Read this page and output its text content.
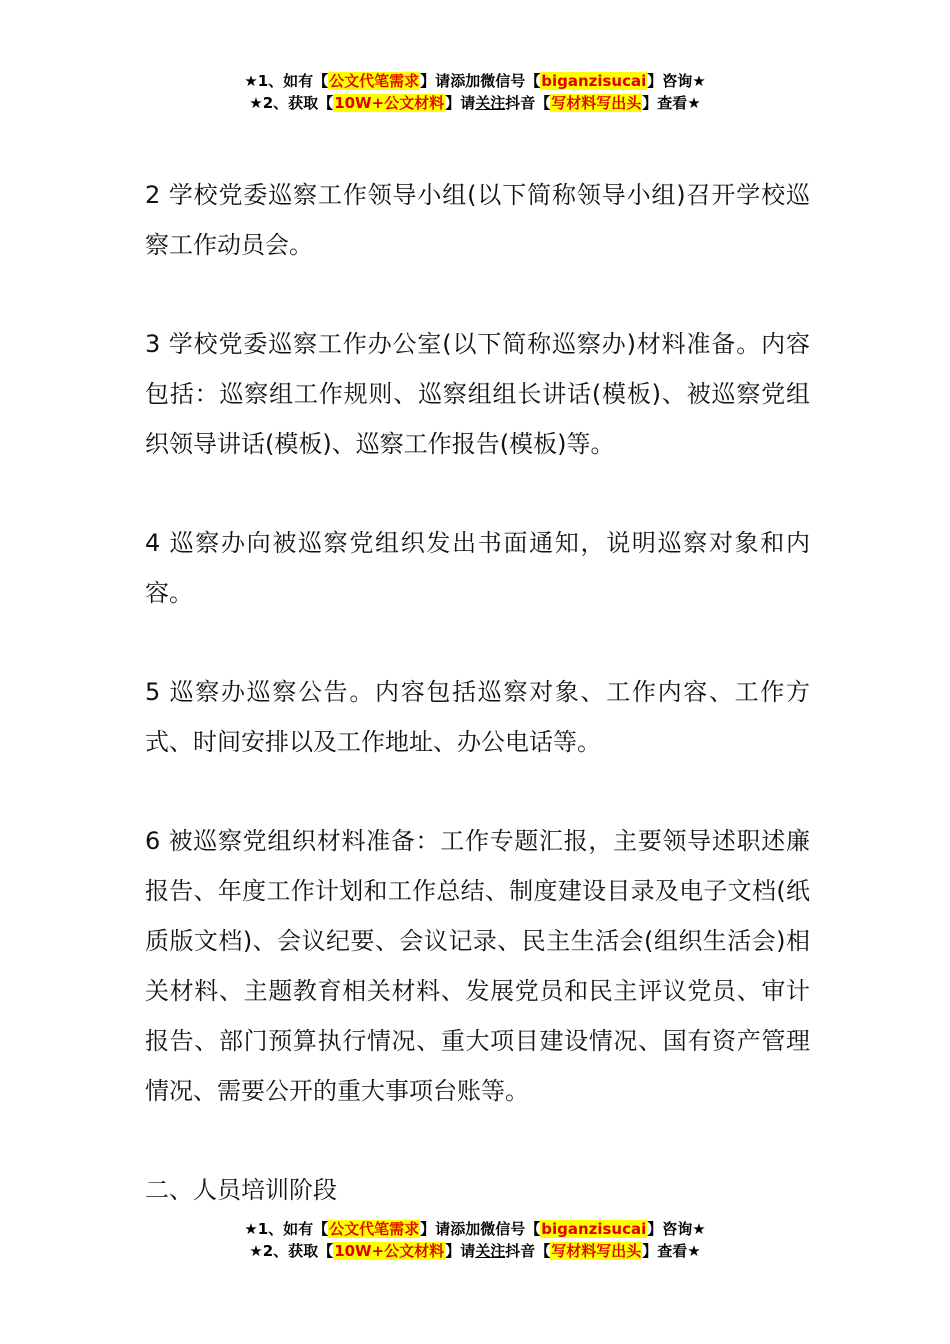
★1、如有【公文代笔需求】请添加微信号【biganzisucai】咨询★
★2、获取【10W+公文材料】请关注抖音【写材料写出头】查看★

2 学校党委巡察工作领导小组(以下简称领导小组)召开学校巡察工作动员会。

3 学校党委巡察工作办公室(以下简称巡察办)材料准备。内容包括：巡察组工作规则、巡察组组长讲话(模板)、被巡察党组织领导讲话(模板)、巡察工作报告(模板)等。

4 巡察办向被巡察党组织发出书面通知，说明巡察对象和内容。

5 巡察办巡察公告。内容包括巡察对象、工作内容、工作方式、时间安排以及工作地址、办公电话等。

6 被巡察党组织材料准备：工作专题汇报，主要领导述职述廉报告、年度工作计划和工作总结、制度建设目录及电子文档(纸质版文档)、会议纪要、会议记录、民主生活会(组织生活会)相关材料、主题教育相关材料、发展党员和民主评议党员、审计报告、部门预算执行情况、重大项目建设情况、国有资产管理情况、需要公开的重大事项台账等。

二、人员培训阶段

★1、如有【公文代笔需求】请添加微信号【biganzisucai】咨询★
★2、获取【10W+公文材料】请关注抖音【写材料写出头】查看★
